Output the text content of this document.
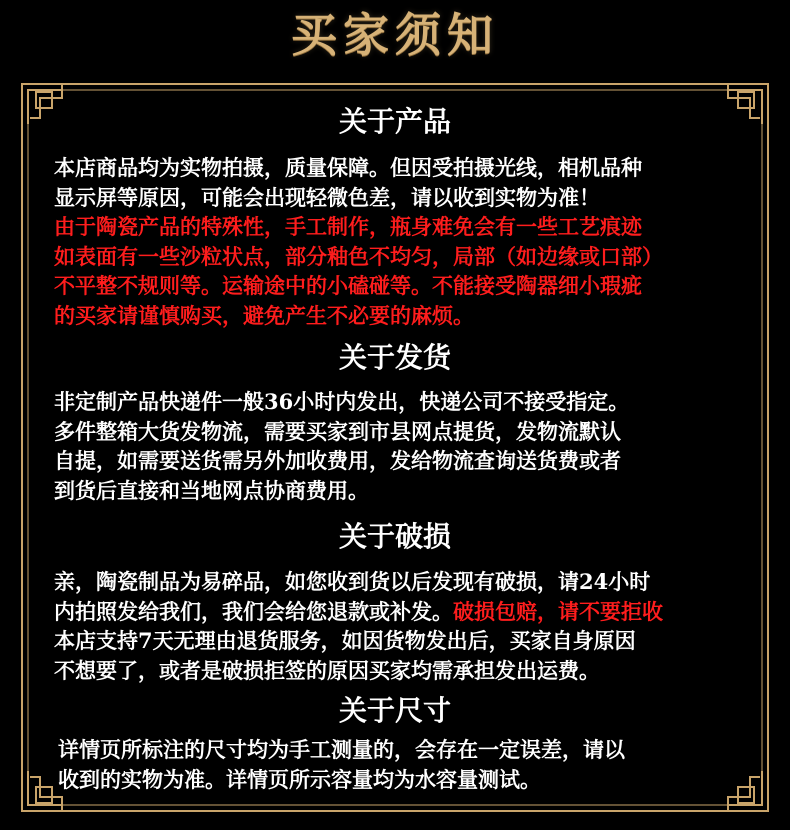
买家须知
关于产品

本店商品均为实物拍摄，质量保障。但因受拍摄光线，相机品种
显示屏等原因，可能会出现轻微色差，请以收到实物为准！

由于陶瓷产品的特殊性，手工制作，瓶身难免会有一些工艺痕迹
如表面有一些沙粒状点，部分釉色不均匀，局部（如边缘或口部）
不平整不规则等。运输途中的小磕碰等。不能接受陶器细小瑕疵
的买家请谨慎购买，避免产生不必要的麻烦。

关于发货

非定制产品快递件一般36小时内发出，快递公司不接受指定。
多件整箱大货发物流，需要买家到市县网点提货，发物流默认
自提，如需要送货需另外加收费用，发给物流查询送货费或者
到货后直接和当地网点协商费用。

关于破损

亲，陶瓷制品为易碎品，如您收到货以后发现有破损，请24小时
内拍照发给我们，我们会给您退款或补发。破损包赔，请不要拒收
本店支持7天无理由退货服务，如因货物发出后，买家自身原因
不想要了，或者是破损拒签的原因买家均需承担发出运费。

关于尺寸

详情页所标注的尺寸均为手工测量的，会存在一定误差，请以
收到的实物为准。详情页所示容量均为水容量测试。
